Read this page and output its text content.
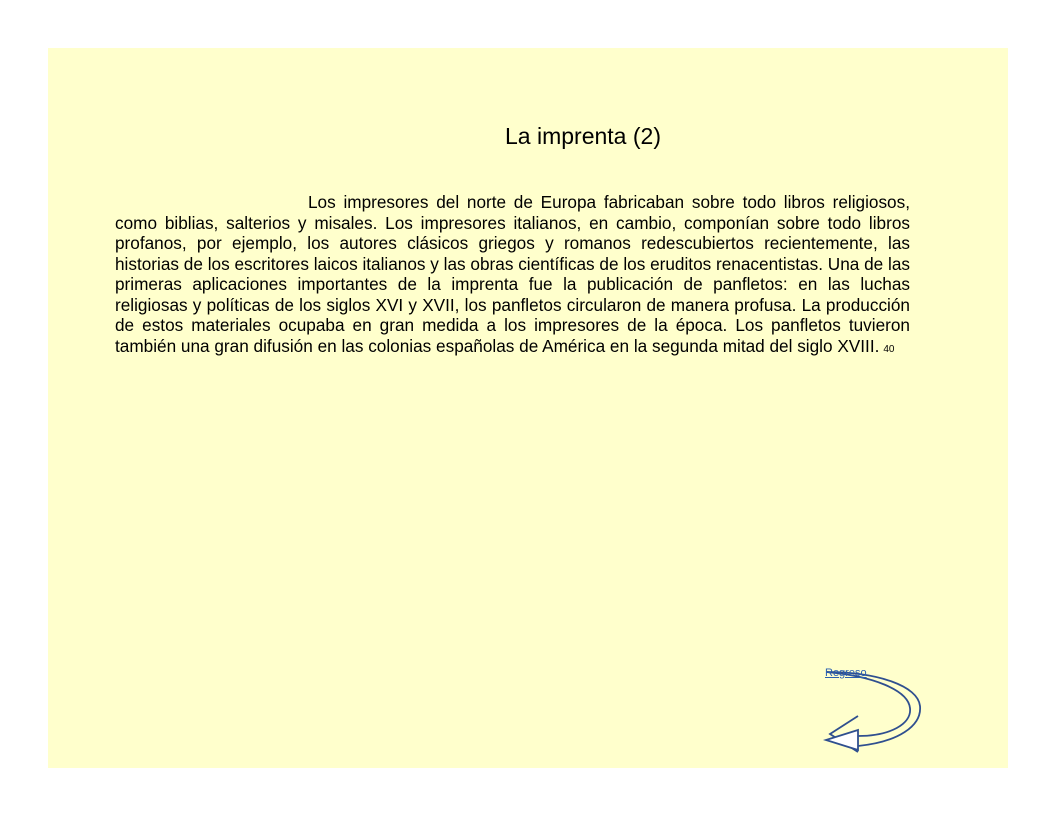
La imprenta (2)

Los impresores del norte de Europa fabricaban sobre todo libros religiosos, como biblias, salterios y misales. Los impresores italianos, en cambio, componían sobre todo libros profanos, por ejemplo, los autores clásicos griegos y romanos redescubiertos recientemente, las historias de los escritores laicos italianos y las obras científicas de los eruditos renacentistas. Una de las primeras aplicaciones importantes de la imprenta fue la publicación de panfletos: en las luchas religiosas y políticas de los siglos XVI y XVII, los panfletos circularon de manera profusa. La producción de estos materiales ocupaba en gran medida a los impresores de la época. Los panfletos tuvieron también una gran difusión en las colonias españolas de América en la segunda mitad del siglo XVIII. 40

Regreso
